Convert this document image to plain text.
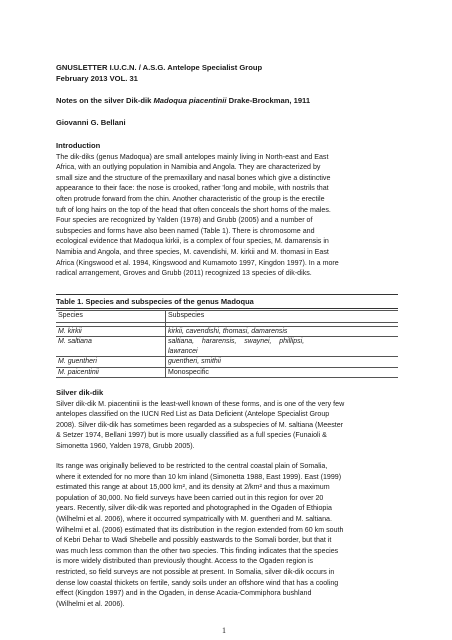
GNUSLETTER I.U.C.N. / A.S.G. Antelope Specialist Group
February 2013 VOL. 31
Notes on the silver Dik-dik Madoqua piacentinii Drake-Brockman, 1911
Giovanni G. Bellani
Introduction
The dik-diks (genus Madoqua) are small antelopes mainly living in North-east and East
Africa, with an outlying population in Namibia and Angola. They are characterized by
small size and the structure of the premaxillary and nasal bones which give a distinctive
appearance to their face: the nose is crooked, rather 'long and mobile, with nostrils that
often protrude forward from the chin. Another characteristic of the group is the erectile
tuft of long hairs on the top of the head that often conceals the short horns of the males.
Four species are recognized by Yalden (1978) and Grubb (2005) and a number of
subspecies and forms have also been named (Table 1). There is chromosome and
ecological evidence that Madoqua kirkii, is a complex of four species, M. damarensis in
Namibia and Angola, and three species, M. cavendishi, M. kirkii and M. thomasi in East
Africa (Kingswood et al. 1994, Kingswood and Kumamoto 1997, Kingdon 1997). In a more
radical arrangement, Groves and Grubb (2011) recognized 13 species of dik-diks.
Table 1. Species and subspecies of the genus Madoqua
Species	Subspecies

M. kirkii	kirkii, cavendishi, thomasi, damarensis
M. saltiana	saltiana,    hararensis,    swaynei,    phillipsi,
lawrancei

M. guentheri	guentheri, smithii
M. paicentinii	Monospecific
Silver dik-dik
Silver dik-dik M. piacentinii is the least-well known of these forms, and is one of the very few
antelopes classified on the IUCN Red List as Data Deficient (Antelope Specialist Group
2008). Silver dik-dik has sometimes been regarded as a subspecies of M. saltiana (Meester
& Setzer 1974, Bellani 1997) but is more usually classified as a full species (Funaioli &
Simonetta 1960, Yalden 1978, Grubb 2005).
Its range was originally believed to be restricted to the central coastal plain of Somalia,
where it extended for no more than 10 km inland (Simonetta 1988, East 1999). East (1999)
estimated this range at about 15,000 km², and its density at 2/km² and thus a maximum
population of 30,000. No field surveys have been carried out in this region for over 20
years. Recently, silver dik-dik was reported and photographed in the Ogaden of Ethiopia
(Wilhelmi et al. 2006), where it occurred sympatrically with M. guentheri and M. saltiana.
Wilhelmi et al. (2006) estimated that its distribution in the region extended from 60 km south
of Kebri Dehar to Wadi Shebelle and possibly eastwards to the Somali border, but that it
was much less common than the other two species. This finding indicates that the species
is more widely distributed than previously thought. Access to the Ogaden region is
restricted, so field surveys are not possible at present. In Somalia, silver dik-dik occurs in
dense low coastal thickets on fertile, sandy soils under an offshore wind that has a cooling
effect (Kingdon 1997) and in the Ogaden, in dense Acacia-Commiphora bushland
(Wilhelmi et al. 2006).
1
